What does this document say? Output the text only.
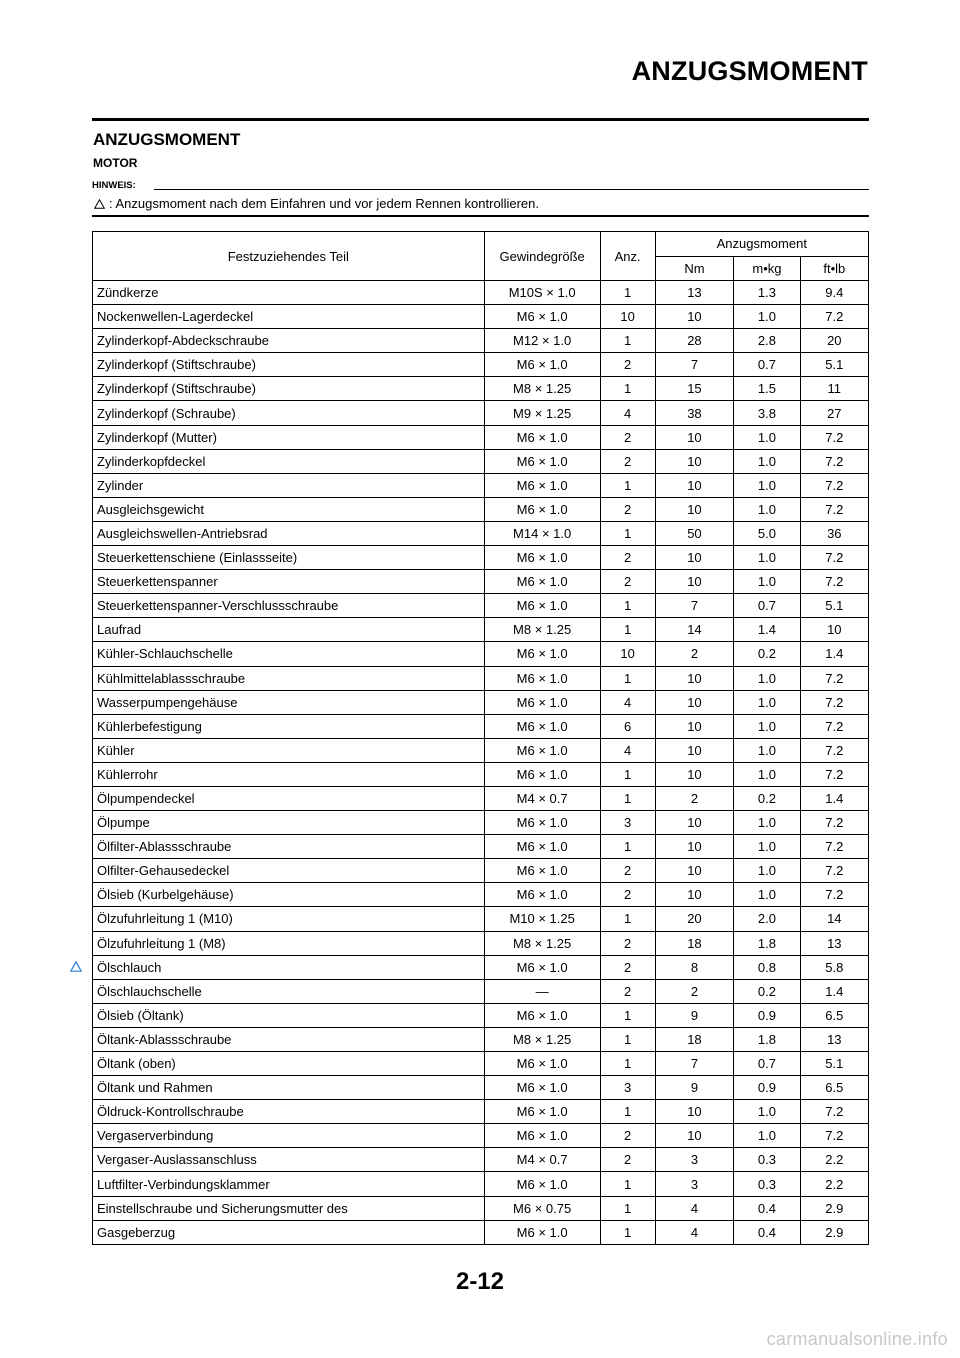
ANZUGSMOMENT
ANZUGSMOMENT
MOTOR
HINWEIS:
: Anzugsmoment nach dem Einfahren und vor jedem Rennen kontrollieren.
Festzuziehendes Teil	Gewindegröße	Anz.	Anzugsmoment		
			Nm	m•kg	ft•lb
Zündkerze	M10S × 1.0	1	13	1.3	9.4
Nockenwellen-Lagerdeckel	M6 × 1.0	10	10	1.0	7.2
Zylinderkopf-Abdeckschraube	M12 × 1.0	1	28	2.8	20
Zylinderkopf (Stiftschraube)	M6 × 1.0	2	7	0.7	5.1
Zylinderkopf (Stiftschraube)	M8 × 1.25	1	15	1.5	11
Zylinderkopf (Schraube)	M9 × 1.25	4	38	3.8	27
Zylinderkopf (Mutter)	M6 × 1.0	2	10	1.0	7.2
Zylinderkopfdeckel	M6 × 1.0	2	10	1.0	7.2
Zylinder	M6 × 1.0	1	10	1.0	7.2
Ausgleichsgewicht	M6 × 1.0	2	10	1.0	7.2
Ausgleichswellen-Antriebsrad	M14 × 1.0	1	50	5.0	36
Steuerkettenschiene (Einlassseite)	M6 × 1.0	2	10	1.0	7.2
Steuerkettenspanner	M6 × 1.0	2	10	1.0	7.2
Steuerkettenspanner-Verschlussschraube	M6 × 1.0	1	7	0.7	5.1
Laufrad	M8 × 1.25	1	14	1.4	10
Kühler-Schlauchschelle	M6 × 1.0	10	2	0.2	1.4
Kühlmittelablassschraube	M6 × 1.0	1	10	1.0	7.2
Wasserpumpengehäuse	M6 × 1.0	4	10	1.0	7.2
Kühlerbefestigung	M6 × 1.0	6	10	1.0	7.2
Kühler	M6 × 1.0	4	10	1.0	7.2
Kühlerrohr	M6 × 1.0	1	10	1.0	7.2
Ölpumpendeckel	M4 × 0.7	1	2	0.2	1.4
Ölpumpe	M6 × 1.0	3	10	1.0	7.2
Ölfilter-Ablassschraube	M6 × 1.0	1	10	1.0	7.2
Olfilter-Gehausedeckel	M6 × 1.0	2	10	1.0	7.2
Ölsieb (Kurbelgehäuse)	M6 × 1.0	2	10	1.0	7.2
Ölzufuhrleitung 1 (M10)	M10 × 1.25	1	20	2.0	14
Ölzufuhrleitung 1 (M8)	M8 × 1.25	2	18	1.8	13
Ölschlauch	M6 × 1.0	2	8	0.8	5.8
Ölschlauchschelle	—	2	2	0.2	1.4
Ölsieb (Öltank)	M6 × 1.0	1	9	0.9	6.5
Öltank-Ablassschraube	M8 × 1.25	1	18	1.8	13
Öltank (oben)	M6 × 1.0	1	7	0.7	5.1
Öltank und Rahmen	M6 × 1.0	3	9	0.9	6.5
Öldruck-Kontrollschraube	M6 × 1.0	1	10	1.0	7.2
Vergaserverbindung	M6 × 1.0	2	10	1.0	7.2
Vergaser-Auslassanschluss	M4 × 0.7	2	3	0.3	2.2
Luftfilter-Verbindungsklammer	M6 × 1.0	1	3	0.3	2.2
Einstellschraube und Sicherungsmutter des	M6 × 0.75	1	4	0.4	2.9
Gasgeberzug	M6 × 1.0	1	4	0.4	2.9
2-12
carmanualsonline.info
